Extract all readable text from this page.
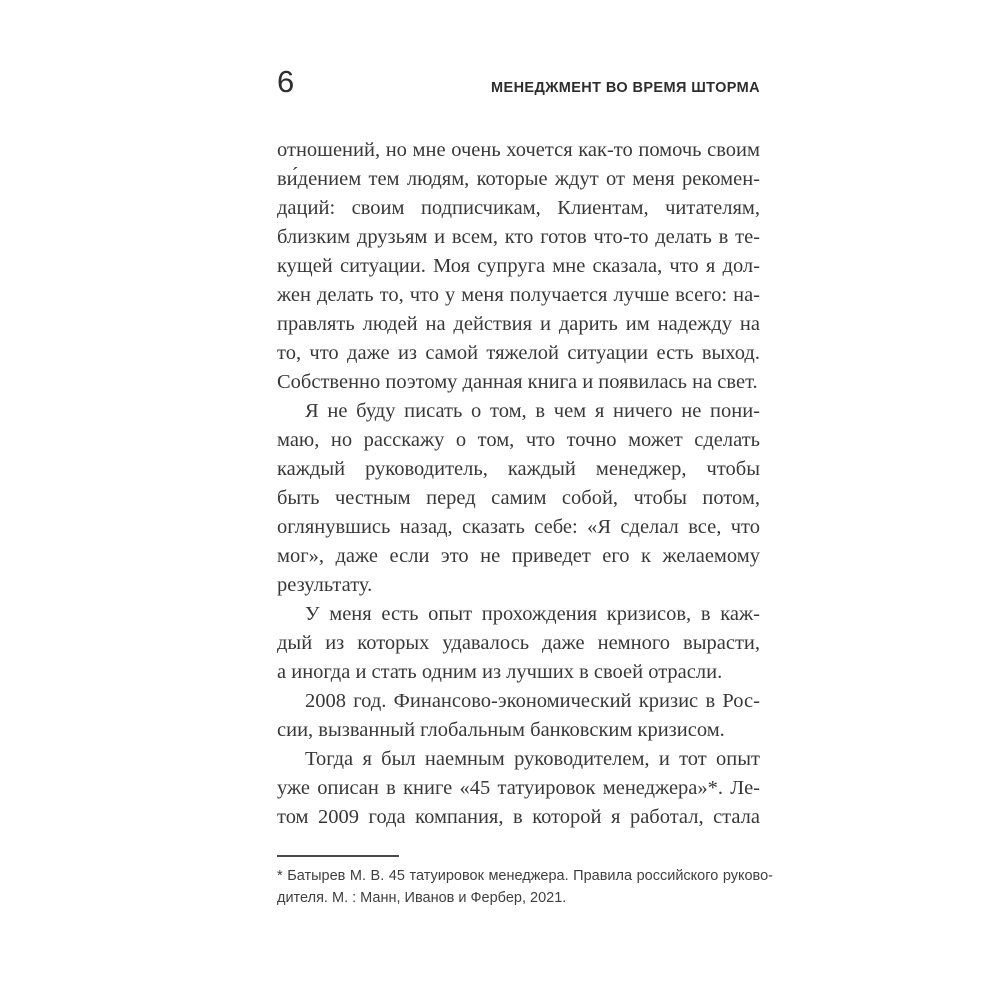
6	МЕНЕДЖМЕНТ ВО ВРЕМЯ ШТОРМА
отношений, но мне очень хочется как-то помочь своим
ви́дением тем людям, которые ждут от меня рекомен-
даций: своим подписчикам, Клиентам, читателям,
близким друзьям и всем, кто готов что-то делать в те-
кущей ситуации. Моя супруга мне сказала, что я дол-
жен делать то, что у меня получается лучше всего: на-
правлять людей на действия и дарить им надежду на
то, что даже из самой тяжелой ситуации есть выход.
Собственно поэтому данная книга и появилась на свет.
Я не буду писать о том, в чем я ничего не пони-
маю, но расскажу о том, что точно может сделать
каждый руководитель, каждый менеджер, чтобы
быть честным перед самим собой, чтобы потом,
оглянувшись назад, сказать себе: «Я сделал все, что
мог», даже если это не приведет его к желаемому
результату.
У меня есть опыт прохождения кризисов, в каж-
дый из которых удавалось даже немного вырасти,
а иногда и стать одним из лучших в своей отрасли.
2008 год. Финансово-экономический кризис в Рос-
сии, вызванный глобальным банковским кризисом.
Тогда я был наемным руководителем, и тот опыт
уже описан в книге «45 татуировок менеджера»*. Ле-
том 2009 года компания, в которой я работал, стала
* Батырев М. В. 45 татуировок менеджера. Правила российского руково-
дителя. М. : Манн, Иванов и Фербер, 2021.
